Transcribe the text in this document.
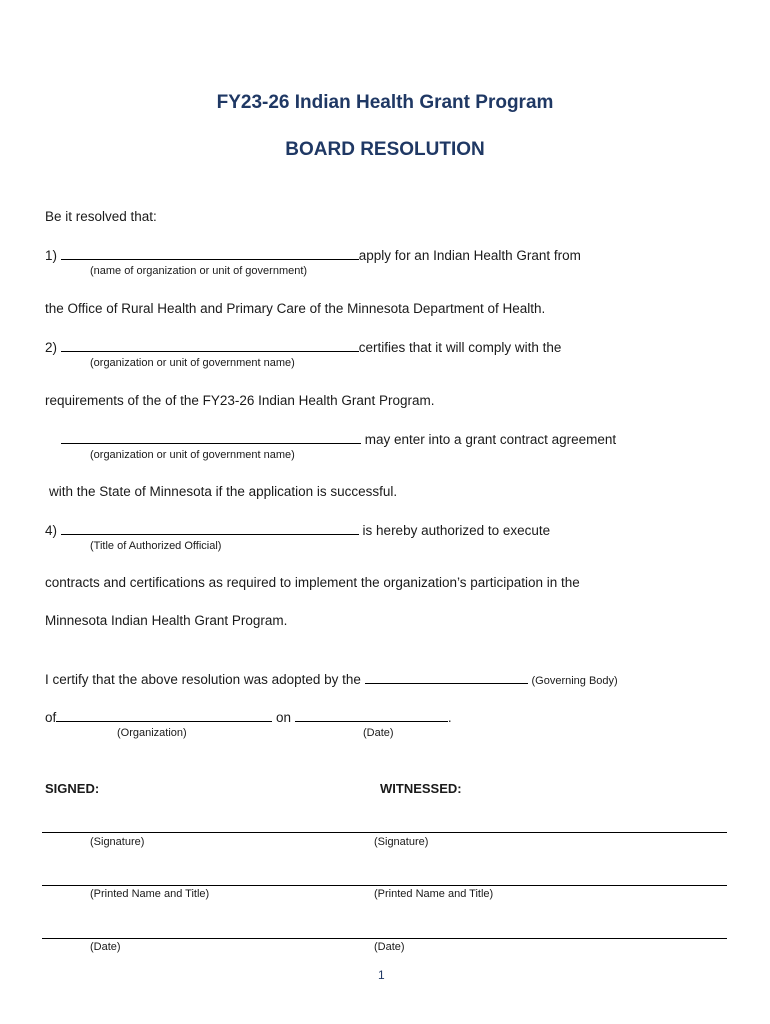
FY23-26 Indian Health Grant Program
BOARD RESOLUTION
Be it resolved that:
1)	apply for an Indian Health Grant from
(name of organization or unit of government)
the Office of Rural Health and Primary Care of the Minnesota Department of Health.
2)	certifies that it will comply with the
(organization or unit of government name)
requirements of the of the FY23-26 Indian Health Grant Program.
may enter into a grant contract agreement
(organization or unit of government name)
with the State of Minnesota if the application is successful.
4)	is hereby authorized to execute
(Title of Authorized Official)
contracts and certifications as required to implement the organization’s participation in the
Minnesota Indian Health Grant Program.
I certify that the above resolution was adopted by the	(Governing Body)
of	on	.
(Organization)	(Date)
SIGNED:	WITNESSED:
(Signature)	(Signature)
(Printed Name and Title)	(Printed Name and Title)
(Date)	(Date)
1
